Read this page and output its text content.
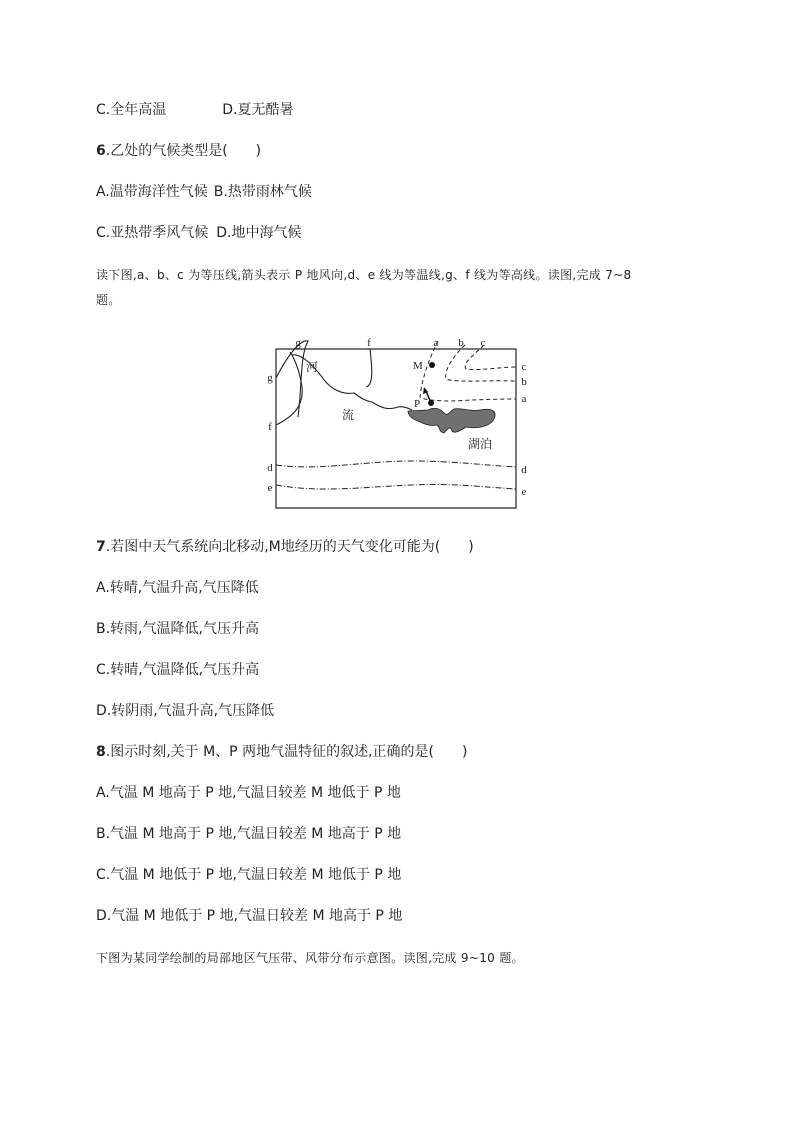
C.全年高温	D.夏无酷暑
6.乙处的气候类型是(　　)
A.温带海洋性气候 B.热带雨林气候
C.亚热带季风气候 D.地中海气候
读下图,a、b、c 为等压线,箭头表示 P 地风向,d、e 线为等温线,g、f 线为等高线。读图,完成 7~8
题。
g	f	a b c
g
f
d
e
c
b
a
d
e
M
P
河
流
湖泊
7.若图中天气系统向北移动,M地经历的天气变化可能为(　　)
A.转晴,气温升高,气压降低
B.转雨,气温降低,气压升高
C.转晴,气温降低,气压升高
D.转阴雨,气温升高,气压降低
8.图示时刻,关于 M、P 两地气温特征的叙述,正确的是(　　)
A.气温 M 地高于 P 地,气温日较差 M 地低于 P 地
B.气温 M 地高于 P 地,气温日较差 M 地高于 P 地
C.气温 M 地低于 P 地,气温日较差 M 地低于 P 地
D.气温 M 地低于 P 地,气温日较差 M 地高于 P 地
下图为某同学绘制的局部地区气压带、风带分布示意图。读图,完成 9~10 题。
